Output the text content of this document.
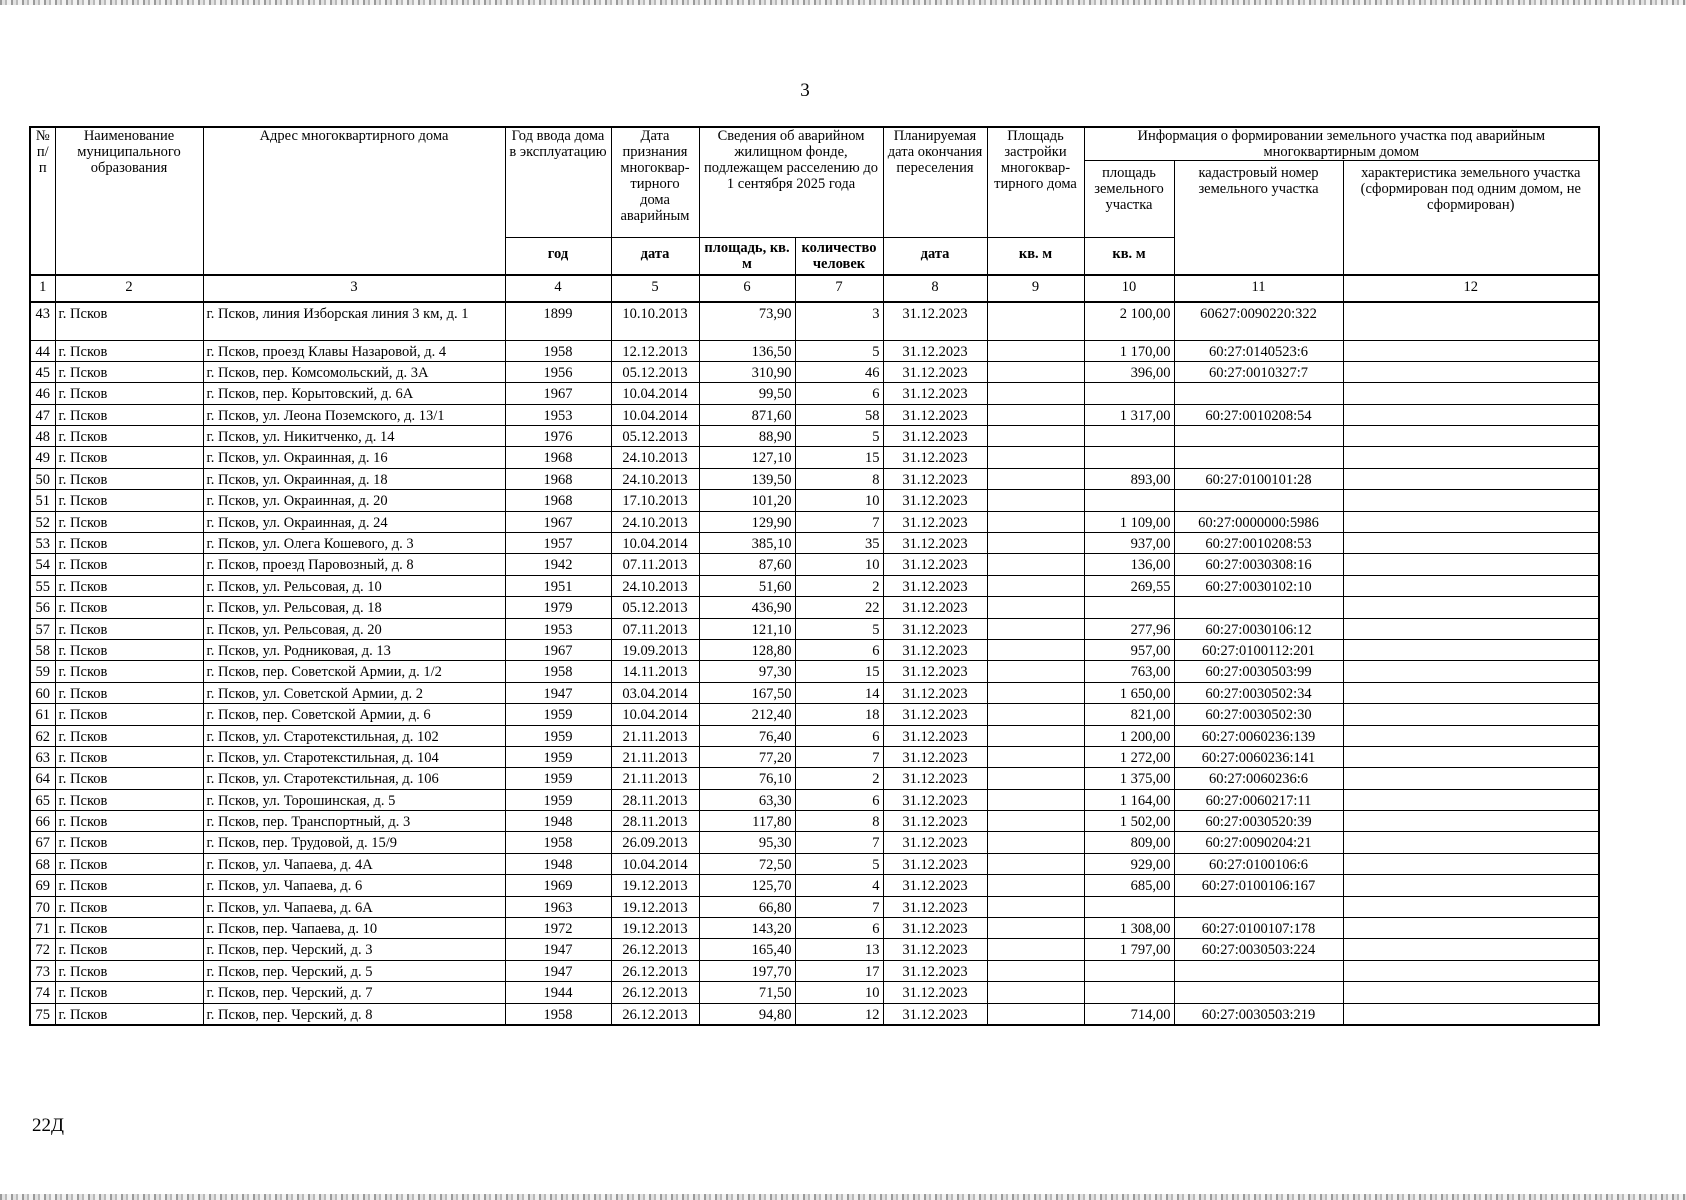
3
№ п/п	Наименование муниципального образования	Адрес многоквартирного дома	Год ввода дома в эксплуатацию	Дата признания многоквар-тирного дома аварийным	Сведения об аварийном жилищном фонде, подлежащем расселению до 1 сентября 2025 года		Планируемая дата окончания переселения	Площадь застройки многоквар-тирного дома	Информация о формировании земельного участка под аварийным многоквартирным домом		
									площадь земельного участка	кадастровый номер земельного участка	характеристика земельного участка (сформирован под одним домом, не сформирован)
			год	дата	площадь, кв. м	количество человек	дата	кв. м	кв. м		
1	2	3	4	5	6	7	8	9	10	11	12
43	г. Псков	г. Псков, линия Изборская линия 3 км, д. 1	1899	10.10.2013	73,90	3	31.12.2023		2 100,00	60627:0090220:322	
44	г. Псков	г. Псков, проезд Клавы Назаровой, д. 4	1958	12.12.2013	136,50	5	31.12.2023		1 170,00	60:27:0140523:6	
45	г. Псков	г. Псков, пер. Комсомольский, д. 3А	1956	05.12.2013	310,90	46	31.12.2023		396,00	60:27:0010327:7	
46	г. Псков	г. Псков, пер. Корытовский, д. 6А	1967	10.04.2014	99,50	6	31.12.2023				
47	г. Псков	г. Псков, ул. Леона Поземского, д. 13/1	1953	10.04.2014	871,60	58	31.12.2023		1 317,00	60:27:0010208:54	
48	г. Псков	г. Псков, ул. Никитченко, д. 14	1976	05.12.2013	88,90	5	31.12.2023				
49	г. Псков	г. Псков, ул. Окраинная, д. 16	1968	24.10.2013	127,10	15	31.12.2023				
50	г. Псков	г. Псков, ул. Окраинная, д. 18	1968	24.10.2013	139,50	8	31.12.2023		893,00	60:27:0100101:28	
51	г. Псков	г. Псков, ул. Окраинная, д. 20	1968	17.10.2013	101,20	10	31.12.2023				
52	г. Псков	г. Псков, ул. Окраинная, д. 24	1967	24.10.2013	129,90	7	31.12.2023		1 109,00	60:27:0000000:5986	
53	г. Псков	г. Псков, ул. Олега Кошевого, д. 3	1957	10.04.2014	385,10	35	31.12.2023		937,00	60:27:0010208:53	
54	г. Псков	г. Псков, проезд Паровозный, д. 8	1942	07.11.2013	87,60	10	31.12.2023		136,00	60:27:0030308:16	
55	г. Псков	г. Псков, ул. Рельсовая, д. 10	1951	24.10.2013	51,60	2	31.12.2023		269,55	60:27:0030102:10	
56	г. Псков	г. Псков, ул. Рельсовая, д. 18	1979	05.12.2013	436,90	22	31.12.2023				
57	г. Псков	г. Псков, ул. Рельсовая, д. 20	1953	07.11.2013	121,10	5	31.12.2023		277,96	60:27:0030106:12	
58	г. Псков	г. Псков, ул. Родниковая, д. 13	1967	19.09.2013	128,80	6	31.12.2023		957,00	60:27:0100112:201	
59	г. Псков	г. Псков, пер. Советской Армии, д. 1/2	1958	14.11.2013	97,30	15	31.12.2023		763,00	60:27:0030503:99	
60	г. Псков	г. Псков, ул. Советской Армии, д. 2	1947	03.04.2014	167,50	14	31.12.2023		1 650,00	60:27:0030502:34	
61	г. Псков	г. Псков, пер. Советской Армии, д. 6	1959	10.04.2014	212,40	18	31.12.2023		821,00	60:27:0030502:30	
62	г. Псков	г. Псков, ул. Старотекстильная, д. 102	1959	21.11.2013	76,40	6	31.12.2023		1 200,00	60:27:0060236:139	
63	г. Псков	г. Псков, ул. Старотекстильная, д. 104	1959	21.11.2013	77,20	7	31.12.2023		1 272,00	60:27:0060236:141	
64	г. Псков	г. Псков, ул. Старотекстильная, д. 106	1959	21.11.2013	76,10	2	31.12.2023		1 375,00	60:27:0060236:6	
65	г. Псков	г. Псков, ул. Торошинская, д. 5	1959	28.11.2013	63,30	6	31.12.2023		1 164,00	60:27:0060217:11	
66	г. Псков	г. Псков, пер. Транспортный, д. 3	1948	28.11.2013	117,80	8	31.12.2023		1 502,00	60:27:0030520:39	
67	г. Псков	г. Псков, пер. Трудовой, д. 15/9	1958	26.09.2013	95,30	7	31.12.2023		809,00	60:27:0090204:21	
68	г. Псков	г. Псков, ул. Чапаева, д. 4А	1948	10.04.2014	72,50	5	31.12.2023		929,00	60:27:0100106:6	
69	г. Псков	г. Псков, ул. Чапаева, д. 6	1969	19.12.2013	125,70	4	31.12.2023		685,00	60:27:0100106:167	
70	г. Псков	г. Псков, ул. Чапаева, д. 6А	1963	19.12.2013	66,80	7	31.12.2023				
71	г. Псков	г. Псков, пер. Чапаева, д. 10	1972	19.12.2013	143,20	6	31.12.2023		1 308,00	60:27:0100107:178	
72	г. Псков	г. Псков, пер. Черский, д. 3	1947	26.12.2013	165,40	13	31.12.2023		1 797,00	60:27:0030503:224	
73	г. Псков	г. Псков, пер. Черский, д. 5	1947	26.12.2013	197,70	17	31.12.2023				
74	г. Псков	г. Псков, пер. Черский, д. 7	1944	26.12.2013	71,50	10	31.12.2023				
75	г. Псков	г. Псков, пер. Черский, д. 8	1958	26.12.2013	94,80	12	31.12.2023		714,00	60:27:0030503:219	
22Д
